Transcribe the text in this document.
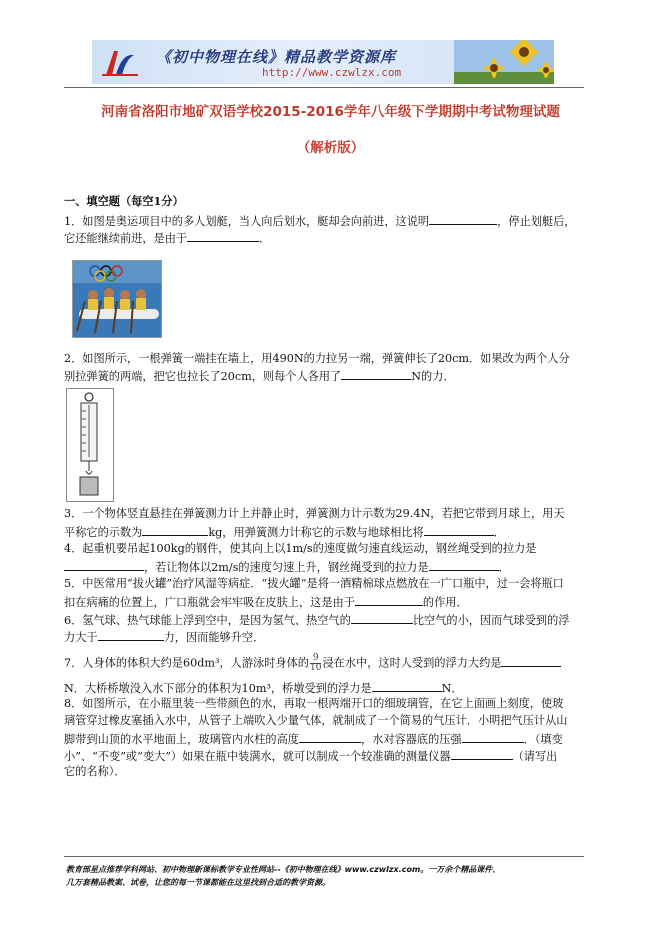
《初中物理在线》精品教学资源库
http://www.czwlzx.com
河南省洛阳市地矿双语学校2015-2016学年八年级下学期期中考试物理试题
（解析版）
一、填空题（每空1分）
1．如图是奥运项目中的多人划艇，当人向后划水，艇却会向前进，这说明	，停止划艇后，
它还能继续前进，是由于	．
2．如图所示，一根弹簧一端挂在墙上，用490N的力拉另一端，弹簧伸长了20cm．如果改为两个人分
别拉弹簧的两端，把它也拉长了20cm，则每个人各用了	N的力．
3．一个物体竖直悬挂在弹簧测力计上并静止时，弹簧测力计示数为29.4N，若把它带到月球上，用天
平称它的示数为	kg，用弹簧测力计称它的示数与地球相比将	．
4．起重机要吊起100kg的钢件，使其向上以1m/s的速度做匀速直线运动，钢丝绳受到的拉力是
，若让物体以2m/s的速度匀速上升，钢丝绳受到的拉力是	．
5．中医常用“拔火罐”治疗风湿等病症．“拔火罐”是将一酒精棉球点燃放在一广口瓶中，过一会将瓶口
扣在病痛的位置上，广口瓶就会牢牢吸在皮肤上，这是由于	的作用．
6．氢气球、热气球能上浮到空中，是因为氢气、热空气的	比空气的小，因而气球受到的浮
力大于	力，因而能够升空．
7．人身体的体积大约是60dm³，人游泳时身体的 $\frac{9}{10}$ 浸在水中，这时人受到的浮力大约是
N．大桥桥墩没入水下部分的体积为10m³，桥墩受到的浮力是	N．
8．如图所示，在小瓶里装一些带颜色的水，再取一根两端开口的细玻璃管，在它上面画上刻度，使玻
璃管穿过橡皮塞插入水中，从管子上端吹入少量气体，就制成了一个简易的气压计．小明把气压计从山
脚带到山顶的水平地面上，玻璃管内水柱的高度	，水对容器底的压强	．（填变
小”、“不变”或“变大”）如果在瓶中装满水，就可以制成一个较准确的测量仪器	（请写出
它的名称）．
教育部星点推荐学科网站、初中物理新课标教学专业性网站--《初中物理在线》www.czwlzx.com。一万余个精品课件、
几万套精品教案、试卷，让您的每一节课都能在这里找到合适的教学资源。
